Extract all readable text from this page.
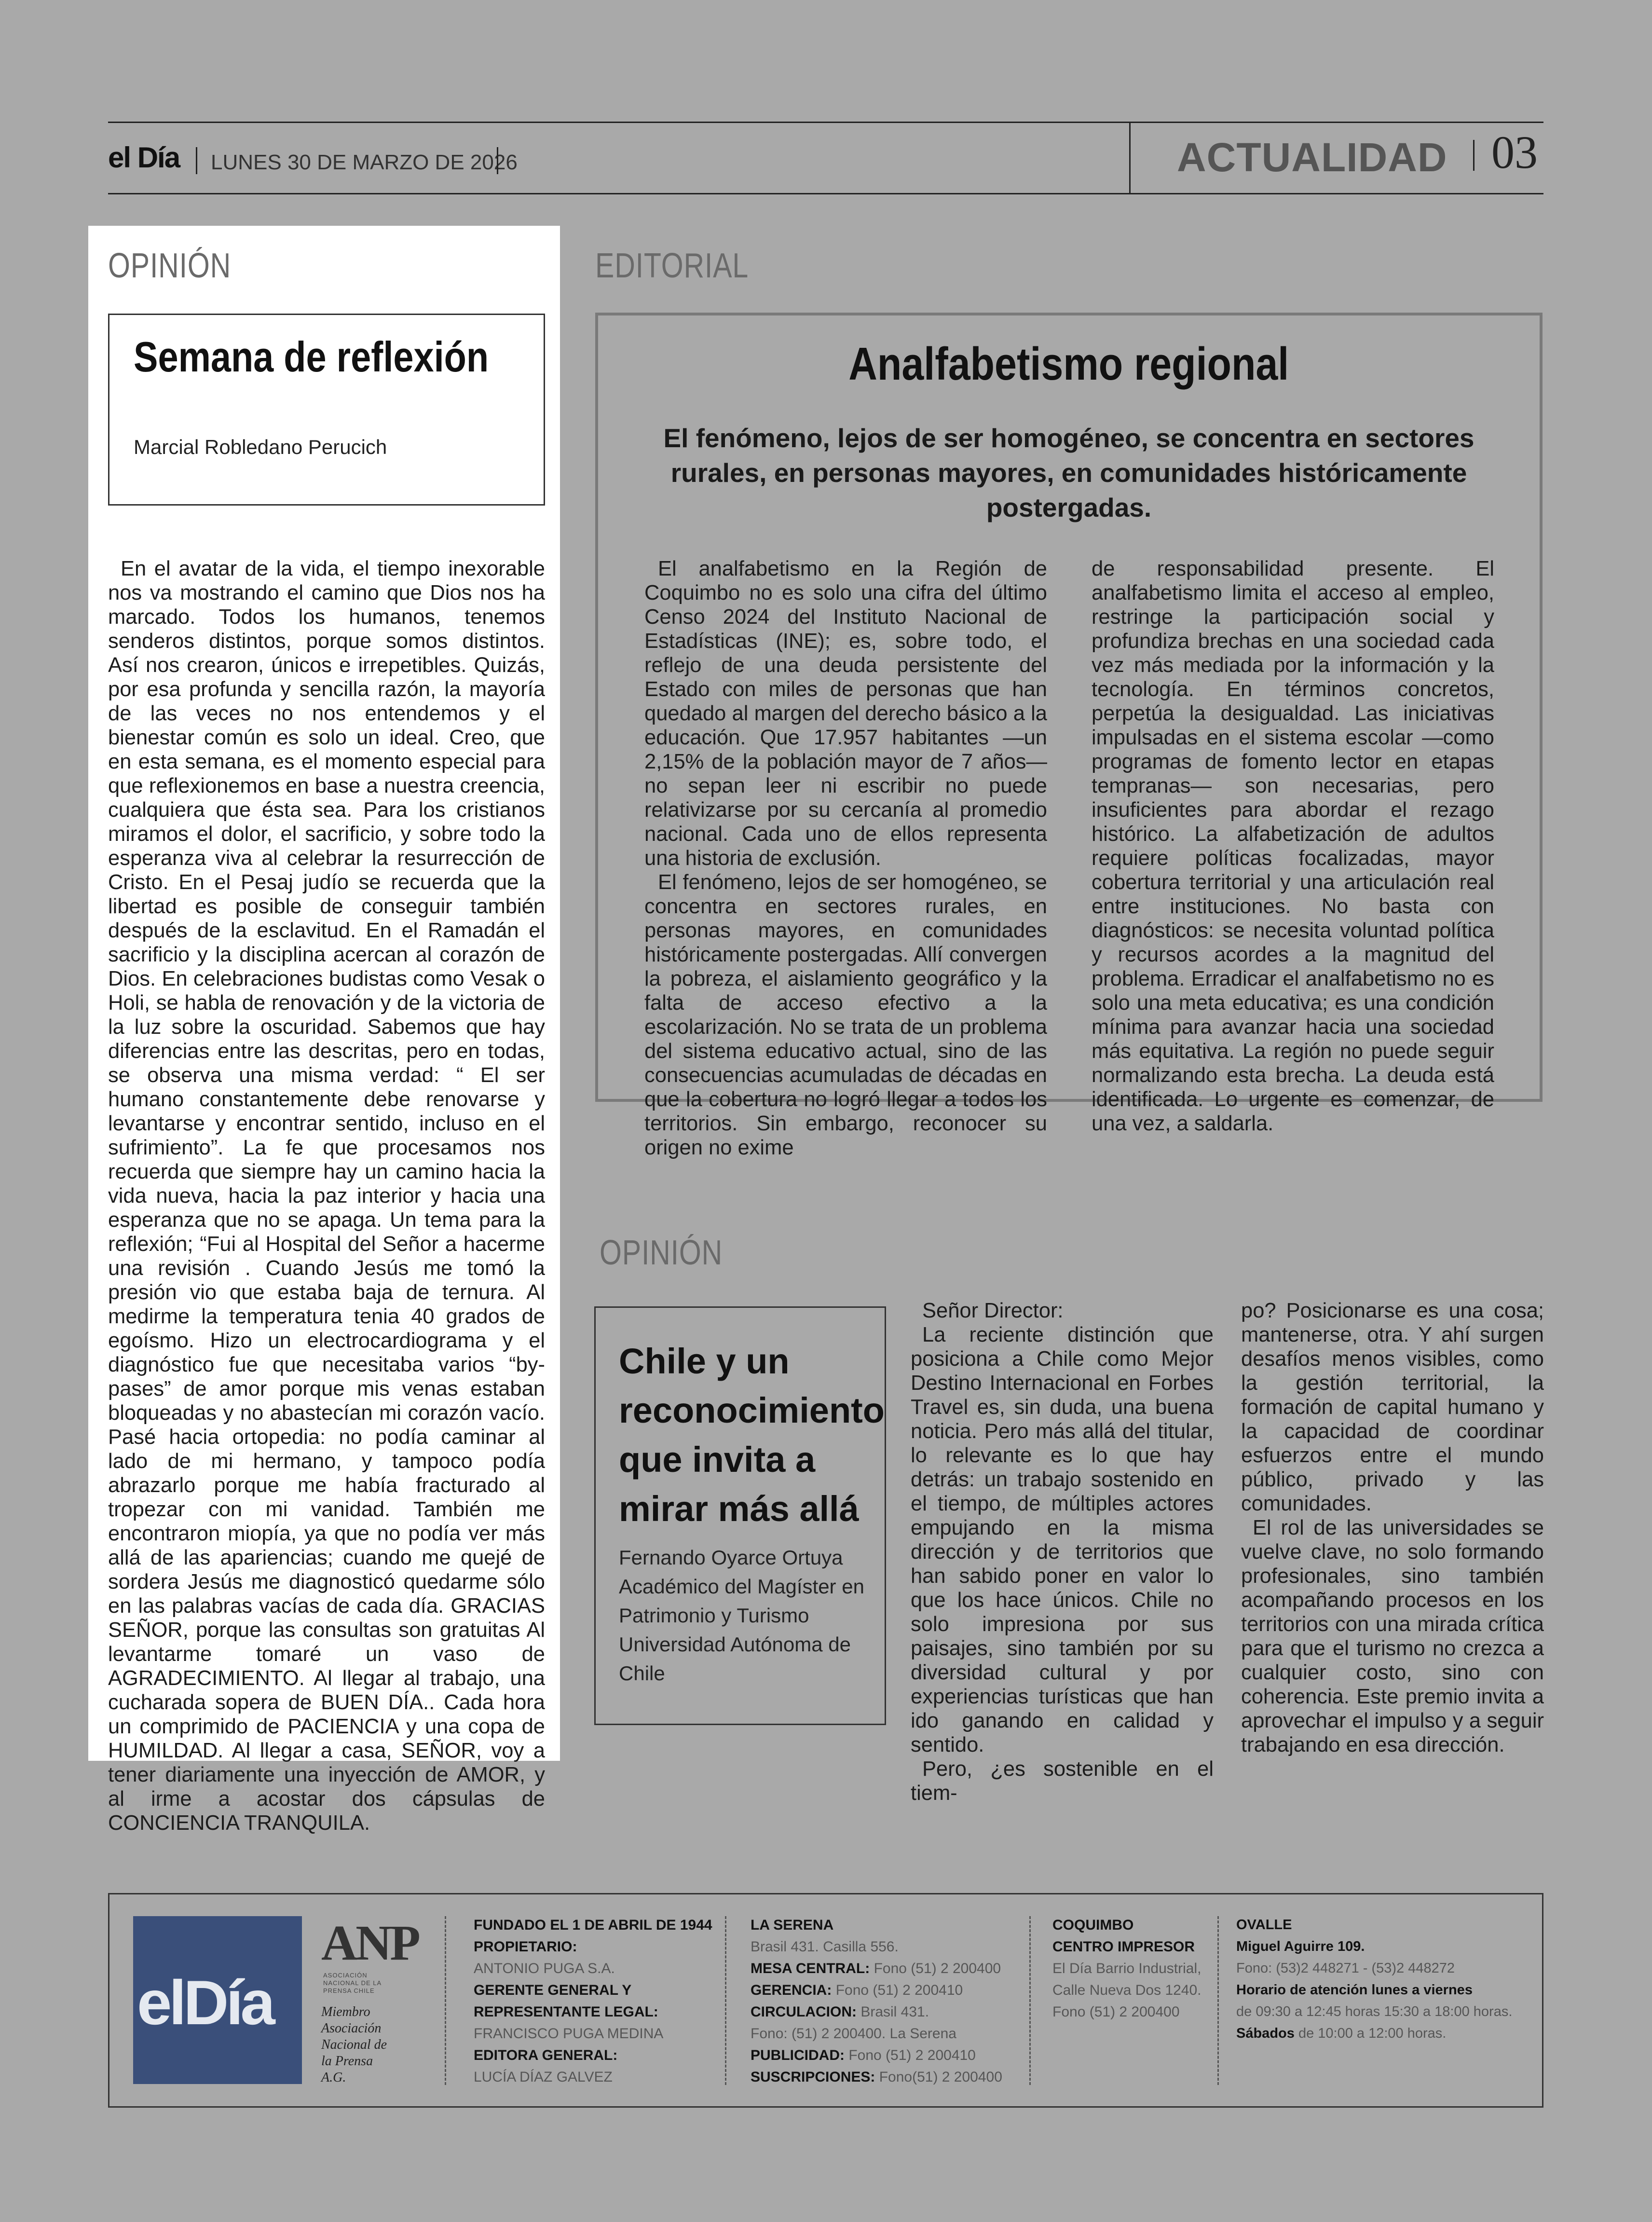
el Día LUNES 30 DE MARZO DE 2026	ACTUALIDAD 03
OPINIÓN
Semana de reflexión
Marcial Robledano Perucich

En el avatar de la vida, el tiempo inexorable nos va mostrando el camino que Dios nos ha marcado. Todos los humanos, tenemos senderos distintos, porque somos distintos. Así nos crearon, únicos e irrepetibles. Quizás, por esa profunda y sencilla razón, la mayoría de las veces no nos entendemos y el bienestar común es solo un ideal. Creo, que en esta semana, es el momento especial para que reflexionemos en base a nuestra creencia, cualquiera que ésta sea. Para los cristianos miramos el dolor, el sacrificio, y sobre todo la esperanza viva al celebrar la resurrección de Cristo. En el Pesaj judío se recuerda que la libertad es posible de conseguir también después de la esclavitud. En el Ramadán el sacrificio y la disciplina acercan al corazón de Dios. En celebraciones budistas como Vesak o Holi, se habla de renovación y de la victoria de la luz sobre la oscuridad. Sabemos que hay diferencias entre las descritas, pero en todas, se observa una misma verdad: “ El ser humano constantemente debe renovarse y levantarse y encontrar sentido, incluso en el sufrimiento”. La fe que procesamos nos recuerda que siempre hay un camino hacia la vida nueva, hacia la paz interior y hacia una esperanza que no se apaga. Un tema para la reflexión; “Fui al Hospital del Señor a hacerme una revisión . Cuando Jesús me tomó la presión vio que estaba baja de ternura. Al medirme la temperatura tenia 40 grados de egoísmo. Hizo un electrocardiograma y el diagnóstico fue que necesitaba varios “by-pases” de amor porque mis venas estaban bloqueadas y no abastecían mi corazón vacío. Pasé hacia ortopedia: no podía caminar al lado de mi hermano, y tampoco podía abrazarlo porque me había fracturado al tropezar con mi vanidad. También me encontraron miopía, ya que no podía ver más allá de las apariencias; cuando me quejé de sordera Jesús me diagnosticó quedarme sólo en las palabras vacías de cada día. GRACIAS SEÑOR, porque las consultas son gratuitas Al levantarme tomaré un vaso de AGRADECIMIENTO. Al llegar al trabajo, una cucharada sopera de BUEN DÍA.. Cada hora un comprimido de PACIENCIA y una copa de HUMILDAD. Al llegar a casa, SEÑOR, voy a tener diariamente una inyección de AMOR, y al irme a acostar dos cápsulas de CONCIENCIA TRANQUILA.

EDITORIAL
Analfabetismo regional
El fenómeno, lejos de ser homogéneo, se concentra en sectores rurales, en personas mayores, en comunidades históricamente postergadas.

El analfabetismo en la Región de Coquimbo no es solo una cifra del último Censo 2024 del Instituto Nacional de Estadísticas (INE); es, sobre todo, el reflejo de una deuda persistente del Estado con miles de personas que han quedado al margen del derecho básico a la educación. Que 17.957 habitantes —un 2,15% de la población mayor de 7 años— no sepan leer ni escribir no puede relativizarse por su cercanía al promedio nacional. Cada uno de ellos representa una historia de exclusión.

El fenómeno, lejos de ser homogéneo, se concentra en sectores rurales, en personas mayores, en comunidades históricamente postergadas. Allí convergen la pobreza, el aislamiento geográfico y la falta de acceso efectivo a la escolarización. No se trata de un problema del sistema educativo actual, sino de las consecuencias acumuladas de décadas en que la cobertura no logró llegar a todos los territorios. Sin embargo, reconocer su origen no exime

de responsabilidad presente. El analfabetismo limita el acceso al empleo, restringe la participación social y profundiza brechas en una sociedad cada vez más mediada por la información y la tecnología. En términos concretos, perpetúa la desigualdad. Las iniciativas impulsadas en el sistema escolar —como programas de fomento lector en etapas tempranas— son necesarias, pero insuficientes para abordar el rezago histórico. La alfabetización de adultos requiere políticas focalizadas, mayor cobertura territorial y una articulación real entre instituciones. No basta con diagnósticos: se necesita voluntad política y recursos acordes a la magnitud del problema. Erradicar el analfabetismo no es solo una meta educativa; es una condición mínima para avanzar hacia una sociedad más equitativa. La región no puede seguir normalizando esta brecha. La deuda está identificada. Lo urgente es comenzar, de una vez, a saldarla.

OPINIÓN
Chile y un reconocimiento que invita a mirar más allá
Fernando Oyarce Ortuya
Académico del Magíster en Patrimonio y Turismo Universidad Autónoma de Chile

Señor Director:

La reciente distinción que posiciona a Chile como Mejor Destino Internacional en Forbes Travel es, sin duda, una buena noticia. Pero más allá del titular, lo relevante es lo que hay detrás: un trabajo sostenido en el tiempo, de múltiples actores empujando en la misma dirección y de territorios que han sabido poner en valor lo que los hace únicos. Chile no solo impresiona por sus paisajes, sino también por su diversidad cultural y por experiencias turísticas que han ido ganando en calidad y sentido.

Pero, ¿es sostenible en el tiem-

po? Posicionarse es una cosa; mantenerse, otra. Y ahí surgen desafíos menos visibles, como la gestión territorial, la formación de capital humano y la capacidad de coordinar esfuerzos entre el mundo público, privado y las comunidades.

El rol de las universidades se vuelve clave, no solo formando profesionales, sino también acompañando procesos en los territorios con una mirada crítica para que el turismo no crezca a cualquier costo, sino con coherencia. Este premio invita a aprovechar el impulso y a seguir trabajando en esa dirección.

elDía
ANP
ASOCIACIÓN NACIONAL DE LA PRENSA CHILE
Miembro Asociación Nacional de la Prensa A.G.
FUNDADO EL 1 DE ABRIL DE 1944
PROPIETARIO:
ANTONIO PUGA S.A.
GERENTE GENERAL Y REPRESENTANTE LEGAL:
FRANCISCO PUGA MEDINA
EDITORA GENERAL:
LUCÍA DÍAZ GALVEZ
LA SERENA
Brasil 431. Casilla 556.
MESA CENTRAL: Fono (51) 2 200400
GERENCIA: Fono (51) 2 200410
CIRCULACION: Brasil 431.
Fono: (51) 2 200400. La Serena
PUBLICIDAD: Fono (51) 2 200410
SUSCRIPCIONES: Fono(51) 2 200400
COQUIMBO
CENTRO IMPRESOR
El Día Barrio Industrial,
Calle Nueva Dos 1240.
Fono (51) 2 200400
OVALLE
Miguel Aguirre 109.
Fono: (53)2 448271 - (53)2 448272
Horario de atención lunes a viernes
de 09:30 a 12:45 horas 15:30 a 18:00 horas.
Sábados de 10:00 a 12:00 horas.
